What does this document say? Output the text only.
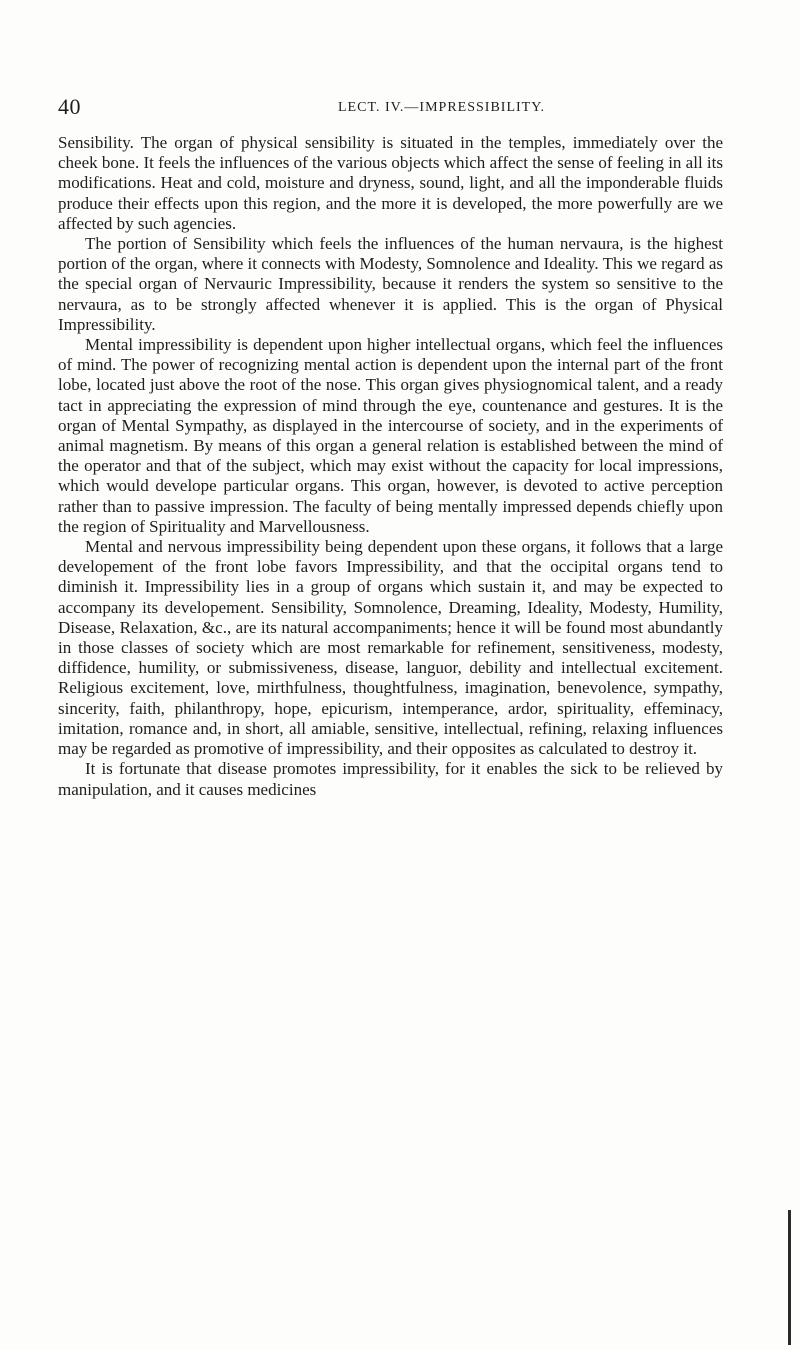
40	LECT. IV.—IMPRESSIBILITY.

Sensibility. The organ of physical sensibility is situated in the temples, immediately over the cheek bone. It feels the influences of the various objects which affect the sense of feeling in all its modifications. Heat and cold, moisture and dryness, sound, light, and all the imponderable fluids produce their effects upon this region, and the more it is developed, the more powerfully are we affected by such agencies.

The portion of Sensibility which feels the influences of the human nervaura, is the highest portion of the organ, where it connects with Modesty, Somnolence and Ideality. This we regard as the special organ of Nervauric Impressibility, because it renders the system so sensitive to the nervaura, as to be strongly affected whenever it is applied. This is the organ of Physical Impressibility.

Mental impressibility is dependent upon higher intellectual organs, which feel the influences of mind. The power of recognizing mental action is dependent upon the internal part of the front lobe, located just above the root of the nose. This organ gives physiognomical talent, and a ready tact in appreciating the expression of mind through the eye, countenance and gestures. It is the organ of Mental Sympathy, as displayed in the intercourse of society, and in the experiments of animal magnetism. By means of this organ a general relation is established between the mind of the operator and that of the subject, which may exist without the capacity for local impressions, which would develope particular organs. This organ, however, is devoted to active perception rather than to passive impression. The faculty of being mentally impressed depends chiefly upon the region of Spirituality and Marvellousness.

Mental and nervous impressibility being dependent upon these organs, it follows that a large developement of the front lobe favors Impressibility, and that the occipital organs tend to diminish it. Impressibility lies in a group of organs which sustain it, and may be expected to accompany its developement. Sensibility, Somnolence, Dreaming, Ideality, Modesty, Humility, Disease, Relaxation, &c., are its natural accompaniments; hence it will be found most abundantly in those classes of society which are most remarkable for refinement, sensitiveness, modesty, diffidence, humility, or submissiveness, disease, languor, debility and intellectual excitement. Religious excitement, love, mirthfulness, thoughtfulness, imagination, benevolence, sympathy, sincerity, faith, philanthropy, hope, epicurism, intemperance, ardor, spirituality, effeminacy, imitation, romance and, in short, all amiable, sensitive, intellectual, refining, relaxing influences may be regarded as promotive of impressibility, and their opposites as calculated to destroy it.

It is fortunate that disease promotes impressibility, for it enables the sick to be relieved by manipulation, and it causes medicines
